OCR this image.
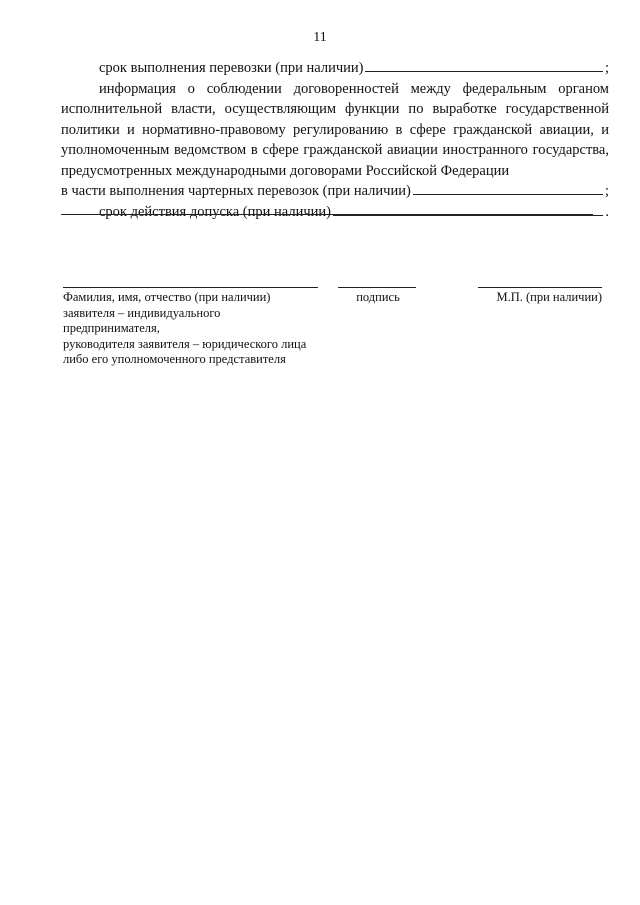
11
срок выполнения перевозки (при наличии)	;
информация о соблюдении договоренностей между федеральным органом исполнительной власти, осуществляющим функции по выработке государственной политики и нормативно-правовому регулированию в сфере гражданской авиации, и уполномоченным ведомством в сфере гражданской авиации иностранного государства, предусмотренных международными договорами Российской Федерации
в части выполнения чартерных перевозок (при наличии)	;
срок действия допуска (при наличии)	.
Фамилия, имя, отчество (при наличии)
заявителя – индивидуального
предпринимателя,
руководителя заявителя – юридического лица
либо его уполномоченного представителя
подпись	М.П. (при наличии)
